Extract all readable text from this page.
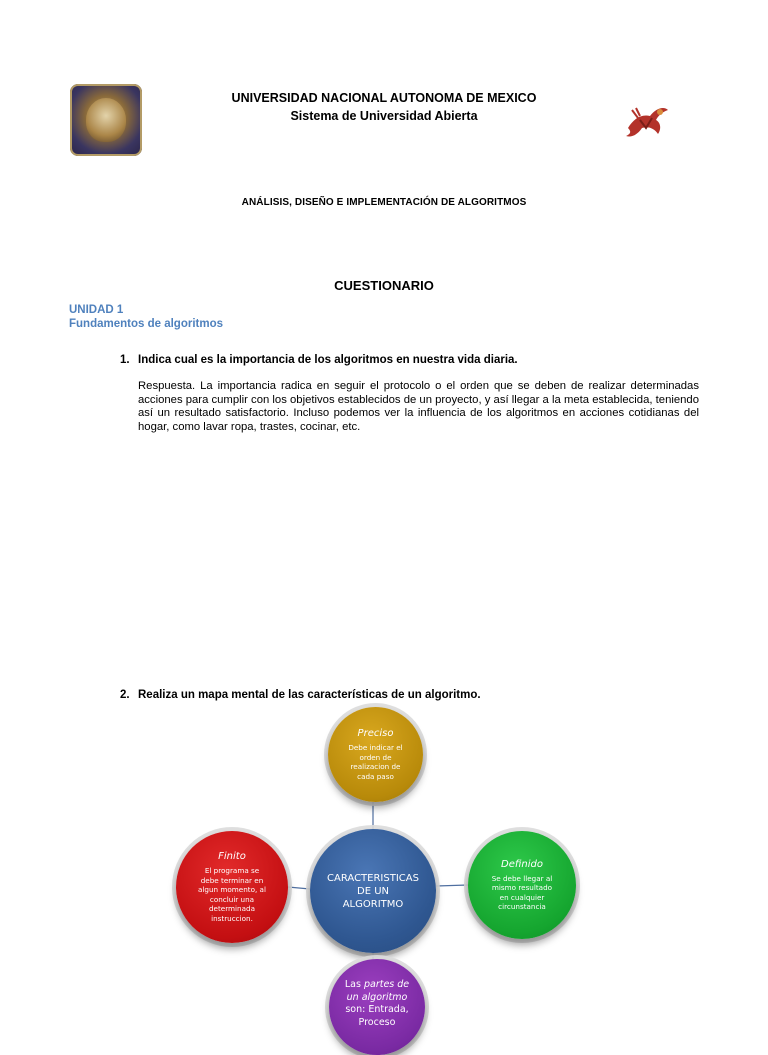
UNIVERSIDAD NACIONAL AUTONOMA DE MEXICO
Sistema de Universidad Abierta
ANÁLISIS, DISEÑO E IMPLEMENTACIÓN DE ALGORITMOS
CUESTIONARIO
UNIDAD 1
Fundamentos de algoritmos
1. Indica cual es la importancia de los algoritmos en nuestra vida diaria.
Respuesta. La importancia radica en seguir el protocolo o el orden que se deben de realizar determinadas acciones para cumplir con los objetivos establecidos de un proyecto, y así llegar a la meta establecida, teniendo así un resultado satisfactorio. Incluso podemos ver la influencia de los algoritmos en acciones cotidianas del hogar, como lavar ropa, trastes, cocinar, etc.
2. Realiza un mapa mental de las características de un algoritmo.
CARACTERISTICAS
DE UN
ALGORITMO
Preciso
Debe indicar el
orden de
realizacion de
cada paso
Definido
Se debe llegar al
mismo resultado
en cualquier
circunstancia
Finito
El programa se
debe terminar en
algun momento, al
concluir una
determinada
instruccion.
Las partes de
un algoritmo
son: Entrada,
Proceso
